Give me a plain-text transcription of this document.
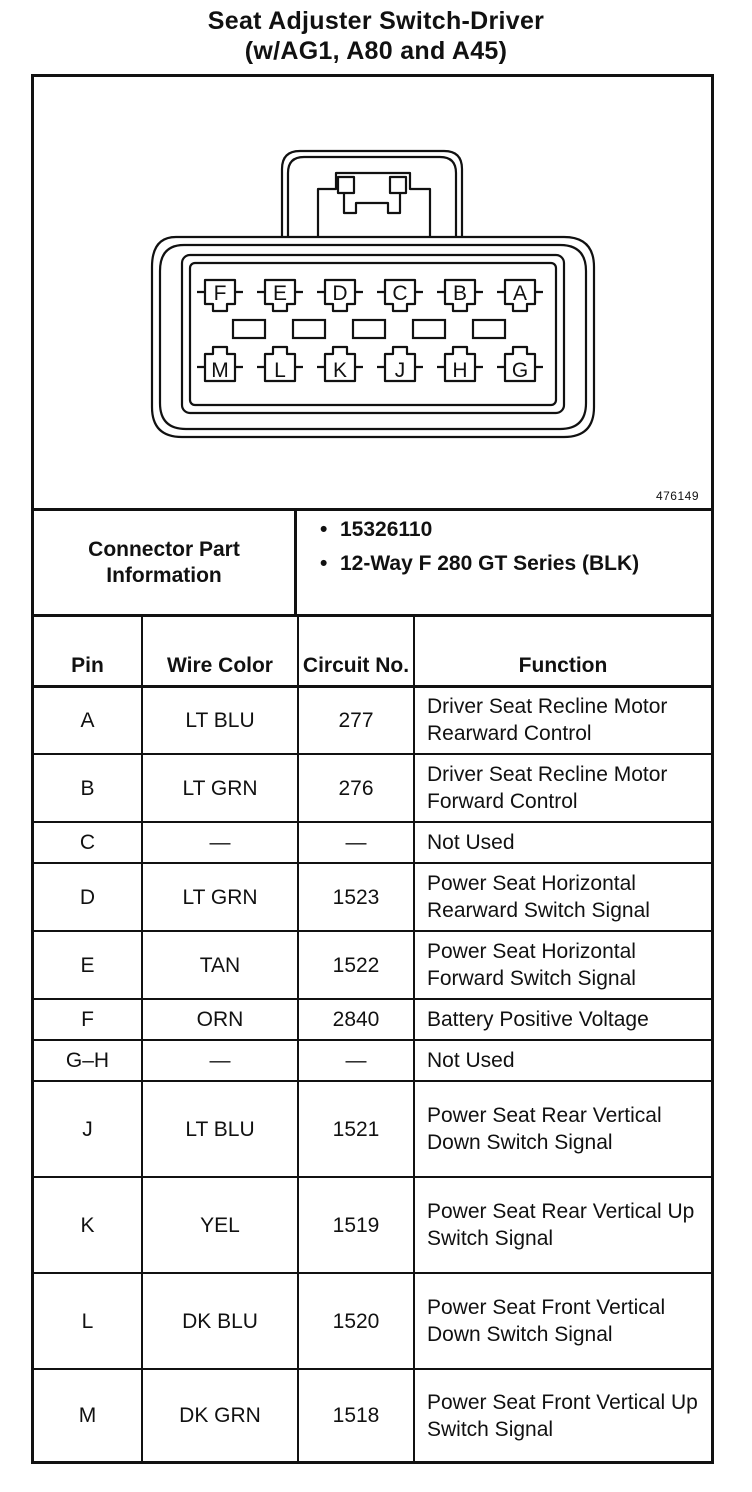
Seat Adjuster Switch-Driver
(w/AG1, A80 and A45)
F E D C B A
M L K J H G
476149
Connector Part Information
• 15326110
• 12-Way F 280 GT Series (BLK)
Pin	Wire Color	Circuit No.	Function
A	LT BLU	277	Driver Seat Recline Motor Rearward Control
B	LT GRN	276	Driver Seat Recline Motor Forward Control
C	—	—	Not Used
D	LT GRN	1523	Power Seat Horizontal Rearward Switch Signal
E	TAN	1522	Power Seat Horizontal Forward Switch Signal
F	ORN	2840	Battery Positive Voltage
G–H	—	—	Not Used
J	LT BLU	1521	Power Seat Rear Vertical Down Switch Signal
K	YEL	1519	Power Seat Rear Vertical Up Switch Signal
L	DK BLU	1520	Power Seat Front Vertical Down Switch Signal
M	DK GRN	1518	Power Seat Front Vertical Up Switch Signal
